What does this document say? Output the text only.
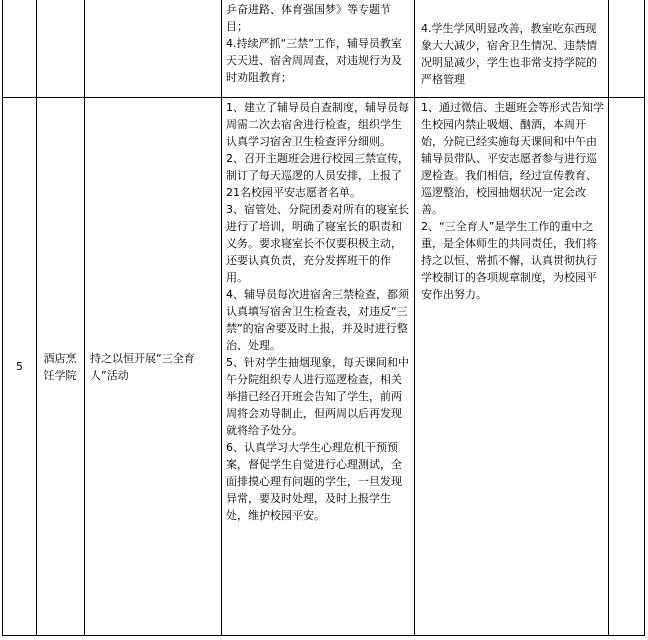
乒奋进路、体育强国梦》等专题节目；

4.持续严抓“三禁”工作，辅导员教室天天进、宿舍周周查，对违规行为及时劝阻教育；

4.学生学风明显改善，教室吃东西现象大大减少，宿舍卫生情况、违禁情况明显减少，学生也非常支持学院的严格管理

5
酒店烹饪学院
持之以恒开展“三全育人”活动

1、建立了辅导员自查制度，辅导员每周需二次去宿舍进行检查，组织学生认真学习宿舍卫生检查评分细则。

2、召开主题班会进行校园三禁宣传，制订了每天巡逻的人员安排，上报了21名校园平安志愿者名单。

3、宿管处、分院团委对所有的寝室长进行了培训，明确了寝室长的职责和义务。要求寝室长不仅要积极主动，还要认真负责，充分发挥班干的作用。

4、辅导员每次进宿舍三禁检查，都须认真填写宿舍卫生检查表，对违反“三禁”的宿舍要及时上报，并及时进行整治、处理。

5、针对学生抽烟现象，每天课间和中午分院组织专人进行巡逻检查，相关举措已经召开班会告知了学生，前两周将会劝导制止，但两周以后再发现就将给予处分。

6、认真学习大学生心理危机干预预案，督促学生自觉进行心理测试，全面排摸心理有问题的学生，一旦发现异常，要及时处理，及时上报学生处，维护校园平安。

1、通过微信、主题班会等形式告知学生校园内禁止吸烟、酗酒，本周开始，分院已经实施每天课间和中午由辅导员带队、平安志愿者参与进行巡逻检查。我们相信，经过宣传教育、巡逻整治，校园抽烟状况一定会改善。

2、“三全育人”是学生工作的重中之重，是全体师生的共同责任，我们将持之以恒、常抓不懈，认真贯彻执行学校制订的各项规章制度，为校园平安作出努力。
